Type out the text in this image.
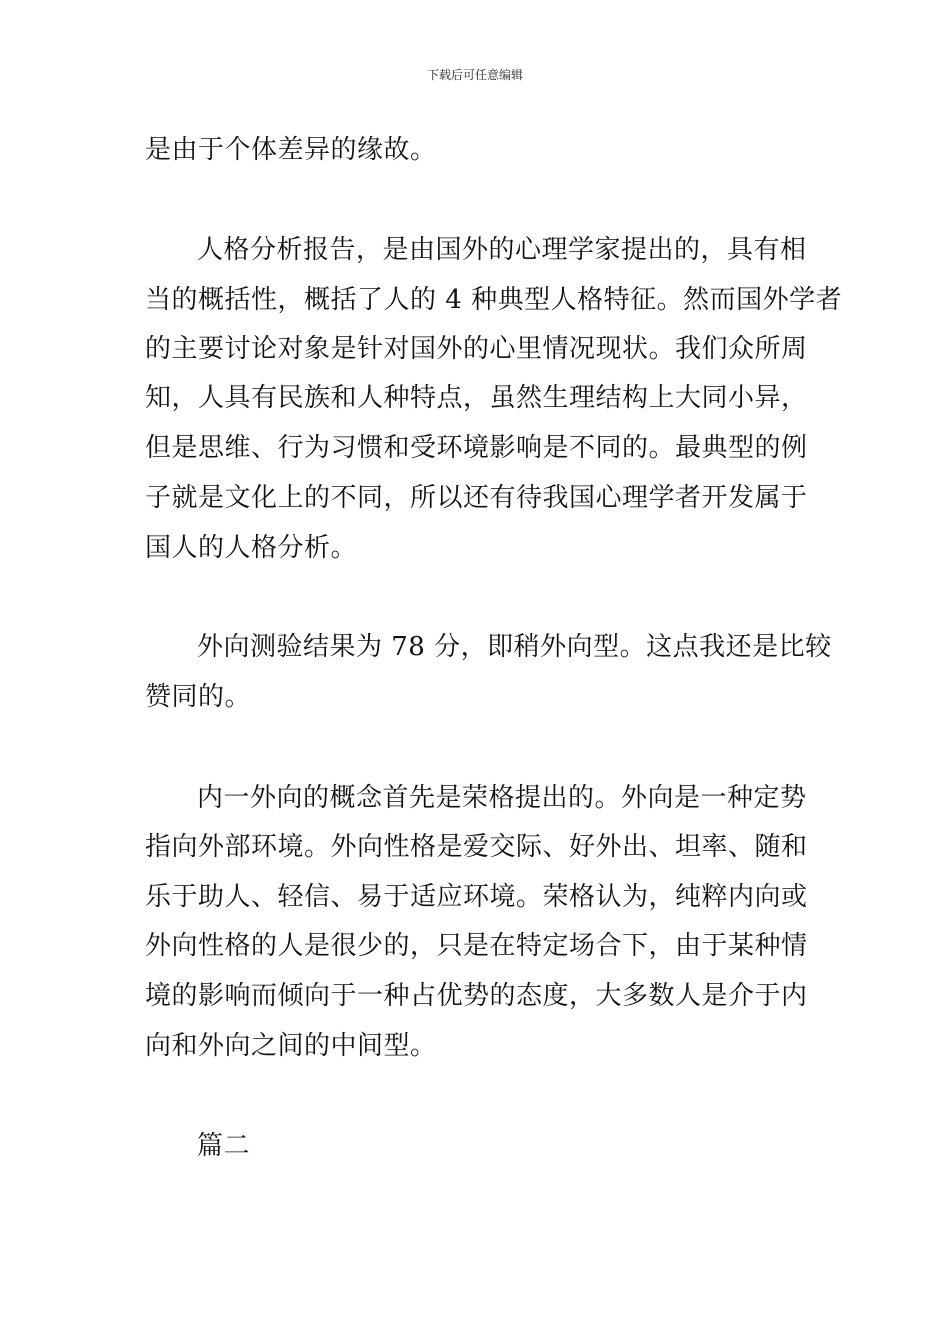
下载后可任意编辑
是由于个体差异的缘故。
人格分析报告，是由国外的心理学家提出的，具有相
当的概括性，概括了人的 4 种典型人格特征。然而国外学者
的主要讨论对象是针对国外的心里情况现状。我们众所周
知，人具有民族和人种特点，虽然生理结构上大同小异，
但是思维、行为习惯和受环境影响是不同的。最典型的例
子就是文化上的不同，所以还有待我国心理学者开发属于
国人的人格分析。
外向测验结果为 78 分，即稍外向型。这点我还是比较
赞同的。
内一外向的概念首先是荣格提出的。外向是一种定势
指向外部环境。外向性格是爱交际、好外出、坦率、随和
乐于助人、轻信、易于适应环境。荣格认为，纯粹内向或
外向性格的人是很少的，只是在特定场合下，由于某种情
境的影响而倾向于一种占优势的态度，大多数人是介于内
向和外向之间的中间型。
篇二
